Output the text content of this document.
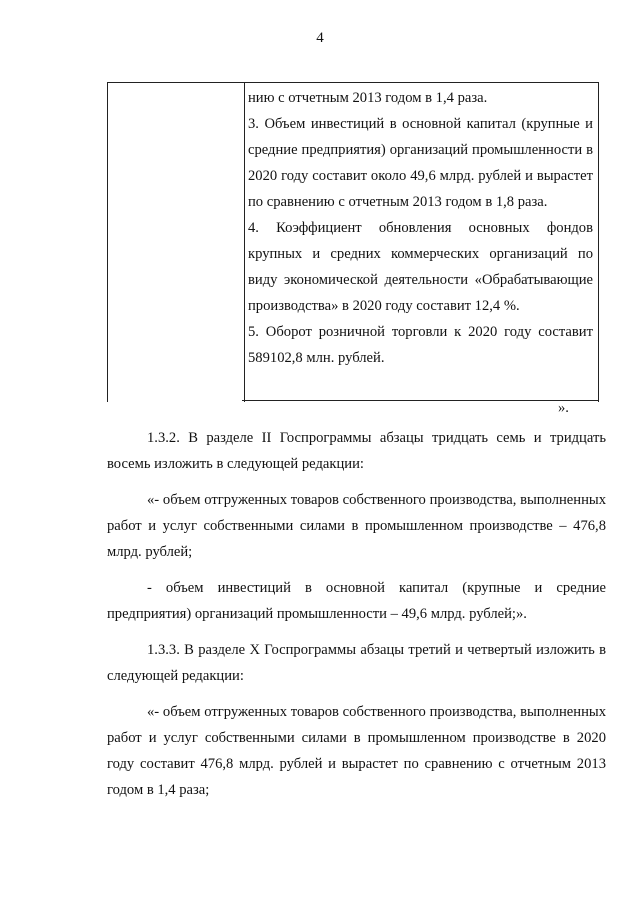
4

нию с отчетным 2013 годом в 1,4 раза.

3. Объем инвестиций в основной капитал (крупные и средние предприятия) организаций промышленности в 2020 году составит около 49,6 млрд. рублей и вырастет по сравнению с отчетным 2013 годом в 1,8 раза.

4. Коэффициент обновления основных фондов крупных и средних коммерческих организаций по виду экономической деятельности «Обрабатывающие производства» в 2020 году составит 12,4 %.

5. Оборот розничной торговли к 2020 году составит 589102,8 млн. рублей.

».

1.3.2. В разделе II Госпрограммы абзацы тридцать семь и тридцать восемь изложить в следующей редакции:

«- объем отгруженных товаров собственного производства, выполненных работ и услуг собственными силами в промышленном производстве – 476,8 млрд. рублей;

- объем инвестиций в основной капитал (крупные и средние предприятия) организаций промышленности – 49,6 млрд. рублей;».

1.3.3. В разделе X Госпрограммы абзацы третий и четвертый изложить в следующей редакции:

«- объем отгруженных товаров собственного производства, выполненных работ и услуг собственными силами в промышленном производстве в 2020 году составит 476,8 млрд. рублей и вырастет по сравнению с отчетным 2013 годом в 1,4 раза;
